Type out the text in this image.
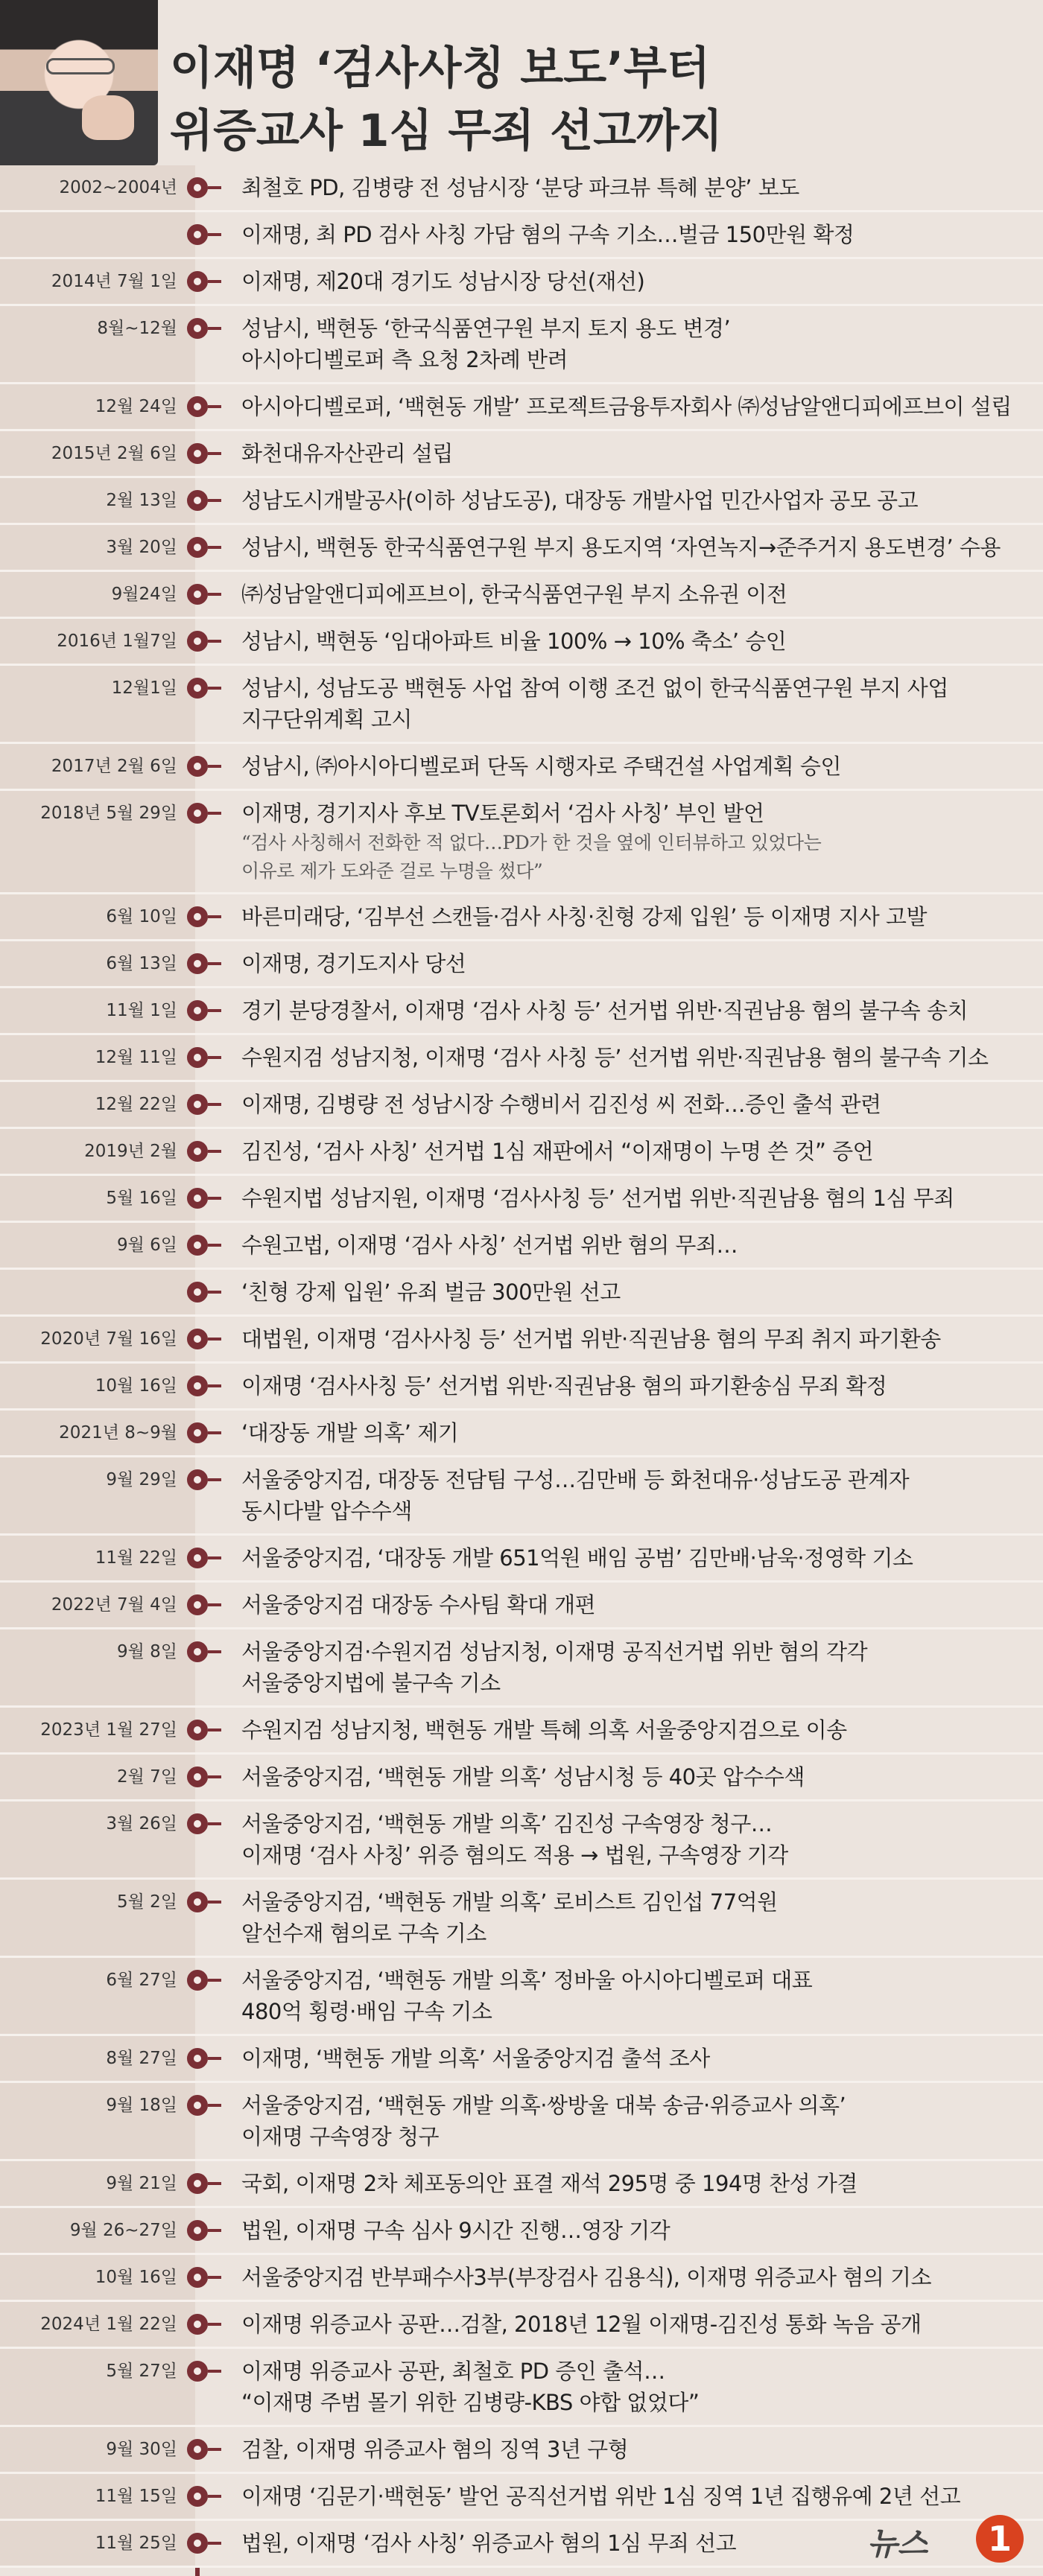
이재명 ‘검사사칭 보도’부터
위증교사 1심 무죄 선고까지
2002~2004년	최철호 PD, 김병량 전 성남시장 ‘분당 파크뷰 특혜 분양’ 보도
이재명, 최 PD 검사 사칭 가담 혐의 구속 기소…벌금 150만원 확정
2014년 7월 1일	이재명, 제20대 경기도 성남시장 당선(재선)
8월~12월	성남시, 백현동 ‘한국식품연구원 부지 토지 용도 변경’
아시아디벨로퍼 측 요청 2차례 반려
12월 24일	아시아디벨로퍼, ‘백현동 개발’ 프로젝트금융투자회사 ㈜성남알앤디피에프브이 설립
2015년 2월 6일	화천대유자산관리 설립
2월 13일	성남도시개발공사(이하 성남도공), 대장동 개발사업 민간사업자 공모 공고
3월 20일	성남시, 백현동 한국식품연구원 부지 용도지역 ‘자연녹지→준주거지 용도변경’ 수용
9월24일	㈜성남알앤디피에프브이, 한국식품연구원 부지 소유권 이전
2016년 1월7일	성남시, 백현동 ‘임대아파트 비율 100% → 10% 축소’ 승인
12월1일	성남시, 성남도공 백현동 사업 참여 이행 조건 없이 한국식품연구원 부지 사업
지구단위계획 고시
2017년 2월 6일	성남시, ㈜아시아디벨로퍼 단독 시행자로 주택건설 사업계획 승인
2018년 5월 29일	이재명, 경기지사 후보 TV토론회서 ‘검사 사칭’ 부인 발언
“검사 사칭해서 전화한 적 없다…PD가 한 것을 옆에 인터뷰하고 있었다는
이유로 제가 도와준 걸로 누명을 썼다”
6월 10일	바른미래당, ‘김부선 스캔들·검사 사칭·친형 강제 입원’ 등 이재명 지사 고발
6월 13일	이재명, 경기도지사 당선
11월 1일	경기 분당경찰서, 이재명 ‘검사 사칭 등’ 선거법 위반·직권남용 혐의 불구속 송치
12월 11일	수원지검 성남지청, 이재명 ‘검사 사칭 등’ 선거법 위반·직권남용 혐의 불구속 기소
12월 22일	이재명, 김병량 전 성남시장 수행비서 김진성 씨 전화…증인 출석 관련
2019년 2월	김진성, ‘검사 사칭’ 선거법 1심 재판에서 “이재명이 누명 쓴 것” 증언
5월 16일	수원지법 성남지원, 이재명 ‘검사사칭 등’ 선거법 위반·직권남용 혐의 1심 무죄
9월 6일	수원고법, 이재명 ‘검사 사칭’ 선거법 위반 혐의 무죄…
‘친형 강제 입원’ 유죄 벌금 300만원 선고
2020년 7월 16일	대법원, 이재명 ‘검사사칭 등’ 선거법 위반·직권남용 혐의 무죄 취지 파기환송
10월 16일	이재명 ‘검사사칭 등’ 선거법 위반·직권남용 혐의 파기환송심 무죄 확정
2021년 8~9월	‘대장동 개발 의혹’ 제기
9월 29일	서울중앙지검, 대장동 전담팀 구성…김만배 등 화천대유·성남도공 관계자
동시다발 압수수색
11월 22일	서울중앙지검, ‘대장동 개발 651억원 배임 공범’ 김만배·남욱·정영학 기소
2022년 7월 4일	서울중앙지검 대장동 수사팀 확대 개편
9월 8일	서울중앙지검·수원지검 성남지청, 이재명 공직선거법 위반 혐의 각각
서울중앙지법에 불구속 기소
2023년 1월 27일	수원지검 성남지청, 백현동 개발 특혜 의혹 서울중앙지검으로 이송
2월 7일	서울중앙지검, ‘백현동 개발 의혹’ 성남시청 등 40곳 압수수색
3월 26일	서울중앙지검, ‘백현동 개발 의혹’ 김진성 구속영장 청구…
이재명 ‘검사 사칭’ 위증 혐의도 적용 → 법원, 구속영장 기각
5월 2일	서울중앙지검, ‘백현동 개발 의혹’ 로비스트 김인섭 77억원
알선수재 혐의로 구속 기소
6월 27일	서울중앙지검, ‘백현동 개발 의혹’ 정바울 아시아디벨로퍼 대표
480억 횡령·배임 구속 기소
8월 27일	이재명, ‘백현동 개발 의혹’ 서울중앙지검 출석 조사
9월 18일	서울중앙지검, ‘백현동 개발 의혹·쌍방울 대북 송금·위증교사 의혹’
이재명 구속영장 청구
9월 21일	국회, 이재명 2차 체포동의안 표결 재석 295명 중 194명 찬성 가결
9월 26~27일	법원, 이재명 구속 심사 9시간 진행…영장 기각
10월 16일	서울중앙지검 반부패수사3부(부장검사 김용식), 이재명 위증교사 혐의 기소
2024년 1월 22일	이재명 위증교사 공판…검찰, 2018년 12월 이재명-김진성 통화 녹음 공개
5월 27일	이재명 위증교사 공판, 최철호 PD 증인 출석…
“이재명 주범 몰기 위한 김병량-KBS 야합 없었다”
9월 30일	검찰, 이재명 위증교사 혐의 징역 3년 구형
11월 15일	이재명 ‘김문기·백현동’ 발언 공직선거법 위반 1심 징역 1년 집행유예 2년 선고
11월 25일	법원, 이재명 ‘검사 사칭’ 위증교사 혐의 1심 무죄 선고	뉴스	1
